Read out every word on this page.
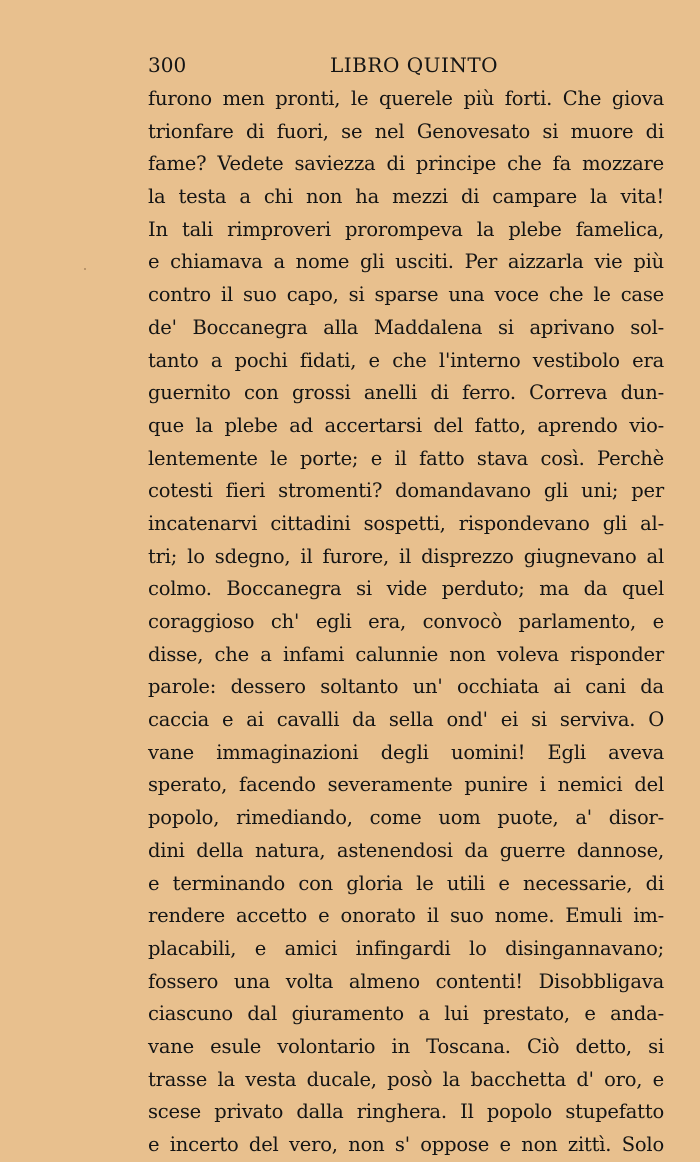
300	LIBRO QUINTO
furono men pronti, le querele più forti. Che giova
trionfare di fuori, se nel Genovesato si muore di
fame? Vedete saviezza di principe che fa mozzare
la testa a chi non ha mezzi di campare la vita!
In tali rimproveri prorompeva la plebe famelica,
e chiamava a nome gli usciti. Per aizzarla vie più
contro il suo capo, si sparse una voce che le case
de' Boccanegra alla Maddalena si aprivano sol-
tanto a pochi fidati, e che l'interno vestibolo era
guernito con grossi anelli di ferro. Correva dun-
que la plebe ad accertarsi del fatto, aprendo vio-
lentemente le porte; e il fatto stava così. Perchè
cotesti fieri stromenti? domandavano gli uni; per
incatenarvi cittadini sospetti, rispondevano gli al-
tri; lo sdegno, il furore, il disprezzo giugnevano al
colmo. Boccanegra si vide perduto; ma da quel
coraggioso ch' egli era, convocò parlamento, e
disse, che a infami calunnie non voleva risponder
parole: dessero soltanto un' occhiata ai cani da
caccia e ai cavalli da sella ond' ei si serviva. O
vane immaginazioni degli uomini! Egli aveva
sperato, facendo severamente punire i nemici del
popolo, rimediando, come uom puote, a' disor-
dini della natura, astenendosi da guerre dannose,
e terminando con gloria le utili e necessarie, di
rendere accetto e onorato il suo nome. Emuli im-
placabili, e amici infingardi lo disingannavano;
fossero una volta almeno contenti! Disobbligava
ciascuno dal giuramento a lui prestato, e anda-
vane esule volontario in Toscana. Ciò detto, si
trasse la vesta ducale, posò la bacchetta d' oro, e
scese privato dalla ringhera. Il popolo stupefatto
e incerto del vero, non s' oppose e non zittì. Solo
